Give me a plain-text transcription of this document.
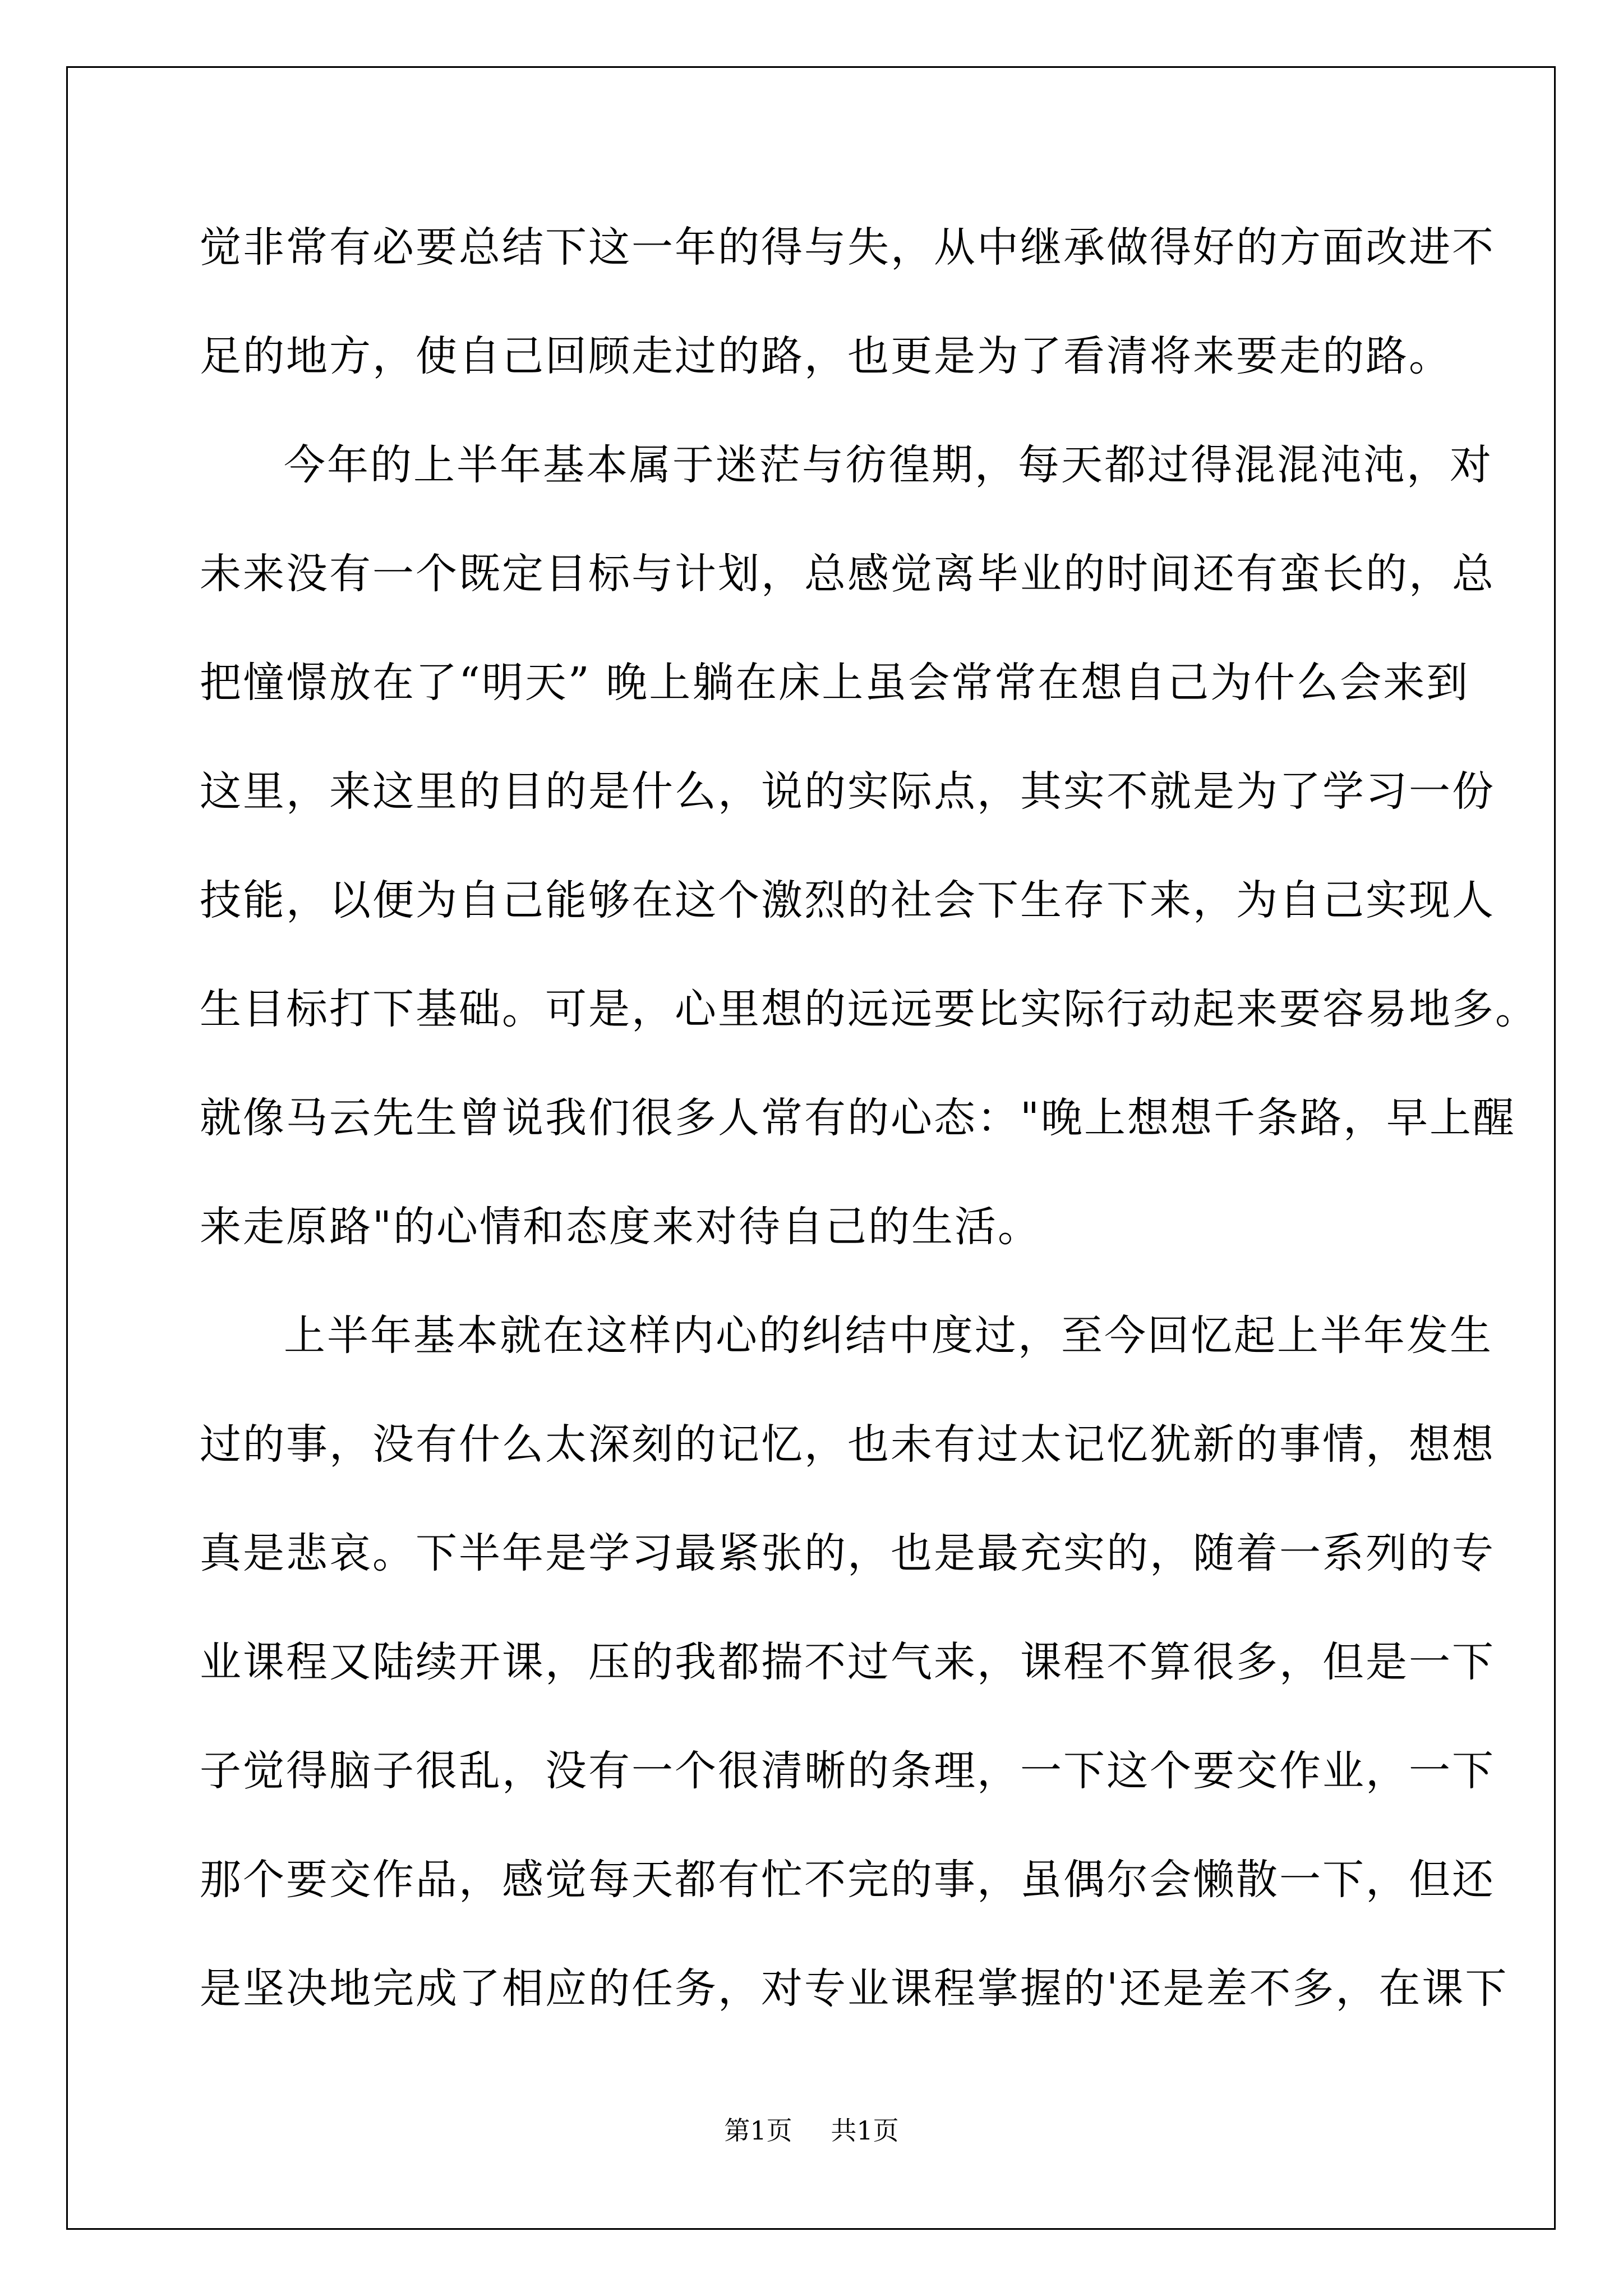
觉 非 常 有 必 要 总 结 下 这 一 年 的 得 与 失 ， 从 中 继 承 做 得 好 的 方 面 改 进 不
足的地方，使自己回顾走过的路，也更是为了看清将来要走的路。
今 年 的 上 半 年 基 本 属 于 迷 茫 与 彷 徨 期 ， 每 天 都 过 得 混 混 沌 沌 ， 对
未 来 没 有 一 个 既 定 目 标 与 计 划 ， 总 感 觉 离 毕 业 的 时 间 还 有 蛮 长 的 ， 总
把 憧 憬 放 在 了 “ 明 天 ”
晚 上 躺 在 床 上 虽 会 常 常 在 想 自 己 为 什 么 会 来 到
这 里 ， 来 这 里 的 目 的 是 什 么 ， 说 的 实 际 点 ， 其 实 不 就 是 为 了 学 习 一 份
技 能 ， 以 便 为 自 己 能 够 在 这 个 激 烈 的 社 会 下 生 存 下 来 ， 为 自 己 实 现 人
生 目 标 打 下 基 础 。 可 是 ， 心 里 想 的 远 远 要 比 实 际 行 动 起 来 要 容 易 地 多 。
就 像 马 云 先 生 曾 说 我 们 很 多 人 常 有 的 心 态 ： " 晚 上 想 想 千 条 路 ， 早 上 醒
来走原路"的心情和态度来对待自己的生活。
上 半 年 基 本 就 在 这 样 内 心 的 纠 结 中 度 过 ， 至 今 回 忆 起 上 半 年 发 生
过 的 事 ， 没 有 什 么 太 深 刻 的 记 忆 ， 也 未 有 过 太 记 忆 犹 新 的 事 情 ， 想 想
真 是 悲 哀 。 下 半 年 是 学 习 最 紧 张 的 ， 也 是 最 充 实 的 ， 随 着 一 系 列 的 专
业 课 程 又 陆 续 开 课 ， 压 的 我 都 揣 不 过 气 来 ， 课 程 不 算 很 多 ， 但 是 一 下
子 觉 得 脑 子 很 乱 ， 没 有 一 个 很 清 晰 的 条 理 ， 一 下 这 个 要 交 作 业 ， 一 下
那 个 要 交 作 品 ， 感 觉 每 天 都 有 忙 不 完 的 事 ， 虽 偶 尔 会 懒 散 一 下 ， 但 还
是 坚 决 地 完 成 了 相 应 的 任 务 ， 对 专 业 课 程 掌 握 的 ' 还 是 差 不 多 ， 在 课 下
第1页 共1页
